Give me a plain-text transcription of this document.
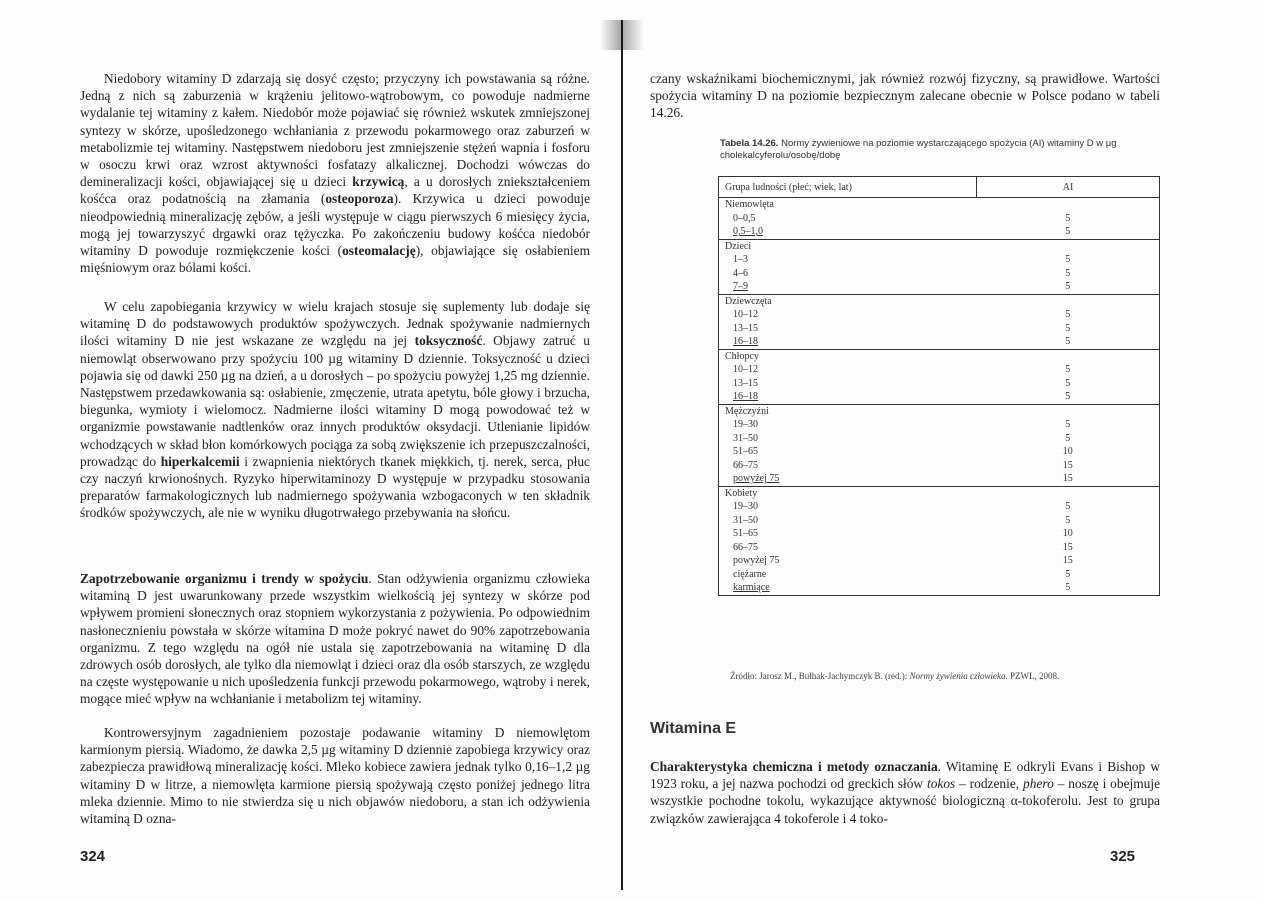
Niedobory witaminy D zdarzają się dosyć często; przyczyny ich powstawania są różne. Jedną z nich są zaburzenia w krążeniu jelitowo-wątrobowym, co powoduje nadmierne wydalanie tej witaminy z kałem. Niedobór może pojawiać się również wskutek zmniejszonej syntezy w skórze, upośledzonego wchłaniania z przewodu pokarmowego oraz zaburzeń w metabolizmie tej witaminy. Następstwem niedoboru jest zmniejszenie stężeń wapnia i fosforu w osoczu krwi oraz wzrost aktywności fosfatazy alkalicznej. Dochodzi wówczas do demineralizacji kości, objawiającej się u dzieci krzywicą, a u dorosłych zniekształceniem kośćca oraz podatnością na złamania (osteoporoza). Krzywica u dzieci powoduje nieodpowiednią mineralizację zębów, a jeśli występuje w ciągu pierwszych 6 miesięcy życia, mogą jej towarzyszyć drgawki oraz tężyczka. Po zakończeniu budowy kośćca niedobór witaminy D powoduje rozmiękczenie kości (osteomalację), objawiające się osłabieniem mięśniowym oraz bólami kości.

W celu zapobiegania krzywicy w wielu krajach stosuje się suplementy lub dodaje się witaminę D do podstawowych produktów spożywczych. Jednak spożywanie nadmiernych ilości witaminy D nie jest wskazane ze względu na jej toksyczność. Objawy zatruć u niemowląt obserwowano przy spożyciu 100 µg witaminy D dziennie. Toksyczność u dzieci pojawia się od dawki 250 µg na dzień, a u dorosłych – po spożyciu powyżej 1,25 mg dziennie. Następstwem przedawkowania są: osłabienie, zmęczenie, utrata apetytu, bóle głowy i brzucha, biegunka, wymioty i wielomocz. Nadmierne ilości witaminy D mogą powodować też w organizmie powstawanie nadtlenków oraz innych produktów oksydacji. Utlenianie lipidów wchodzących w skład błon komórkowych pociąga za sobą zwiększenie ich przepuszczalności, prowadząc do hiperkalcemii i zwapnienia niektórych tkanek miękkich, tj. nerek, serca, płuc czy naczyń krwionośnych. Ryzyko hiperwitaminozy D występuje w przypadku stosowania preparatów farmakologicznych lub nadmiernego spożywania wzbogaconych w ten składnik środków spożywczych, ale nie w wyniku długotrwałego przebywania na słońcu.

Zapotrzebowanie organizmu i trendy w spożyciu. Stan odżywienia organizmu człowieka witaminą D jest uwarunkowany przede wszystkim wielkością jej syntezy w skórze pod wpływem promieni słonecznych oraz stopniem wykorzystania z pożywienia. Po odpowiednim nasłonecznieniu powstała w skórze witamina D może pokryć nawet do 90% zapotrzebowania organizmu. Z tego względu na ogół nie ustala się zapotrzebowania na witaminę D dla zdrowych osób dorosłych, ale tylko dla niemowląt i dzieci oraz dla osób starszych, ze względu na częste występowanie u nich upośledzenia funkcji przewodu pokarmowego, wątroby i nerek, mogące mieć wpływ na wchłanianie i metabolizm tej witaminy.

Kontrowersyjnym zagadnieniem pozostaje podawanie witaminy D niemowlętom karmionym piersią. Wiadomo, że dawka 2,5 µg witaminy D dziennie zapobiega krzywicy oraz zabezpiecza prawidłową mineralizację kości. Mleko kobiece zawiera jednak tylko 0,16–1,2 µg witaminy D w litrze, a niemowlęta karmione piersią spożywają często poniżej jednego litra mleka dziennie. Mimo to nie stwierdza się u nich objawów niedoboru, a stan ich odżywienia witaminą D ozna-

324

czany wskaźnikami biochemicznymi, jak również rozwój fizyczny, są prawidłowe. Wartości spożycia witaminy D na poziomie bezpiecznym zalecane obecnie w Polsce podano w tabeli 14.26.

Tabela 14.26. Normy żywieniowe na poziomie wystarczającego spożycia (AI) witaminy D w µg cholekalcyferolu/osobę/dobę
Grupa ludności (płeć; wiek, lat)	AI
Niemowlęta	
0–0,5	5
0,5–1,0	5
Dzieci	
1–3	5
4–6	5
7–9	5
Dziewczęta	
10–12	5
13–15	5
16–18	5
Chłopcy	
10–12	5
13–15	5
16–18	5
Mężczyźni	
19–30	5
31–50	5
51–65	10
66–75	15
powyżej 75	15
Kobiety	
19–30	5
31–50	5
51–65	10
66–75	15
powyżej 75	15
ciężarne	5
karmiące	5
Źródło: Jarosz M., Bułhak-Jachymczyk B. (red.): Normy żywienia człowieka. PZWL, 2008.
Witamina E

Charakterystyka chemiczna i metody oznaczania. Witaminę E odkryli Evans i Bishop w 1923 roku, a jej nazwa pochodzi od greckich słów tokos – rodzenie, phero – noszę i obejmuje wszystkie pochodne tokolu, wykazujące aktywność biologiczną α-tokoferolu. Jest to grupa związków zawierająca 4 tokoferole i 4 toko-

325
